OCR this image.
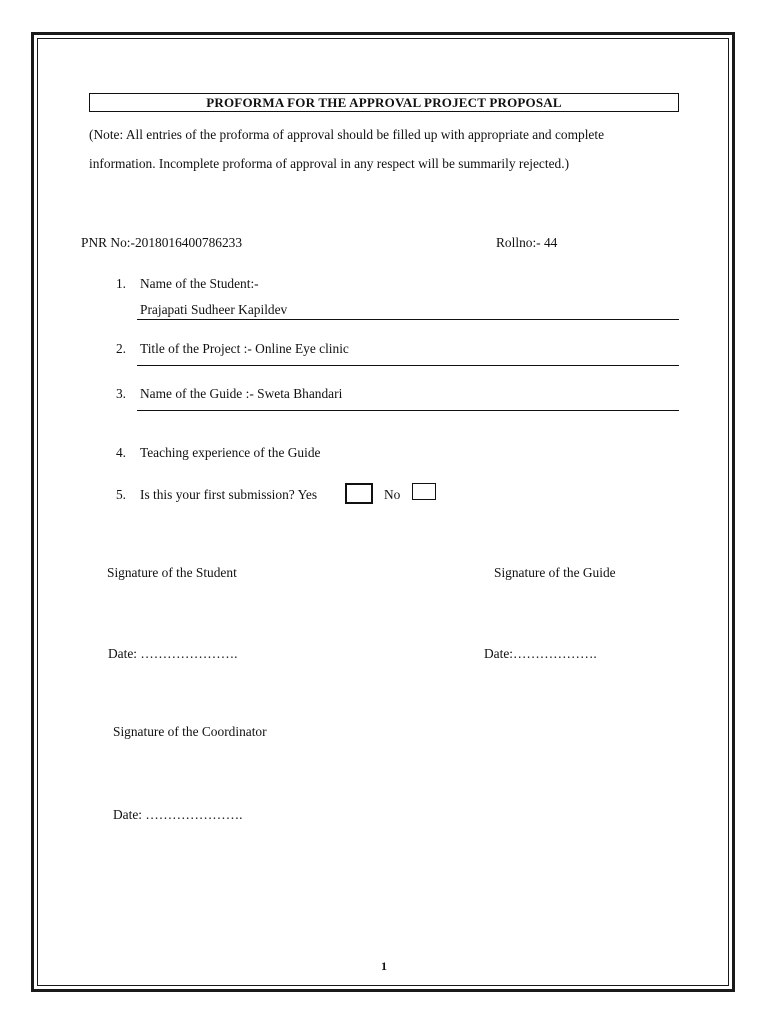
PROFORMA FOR THE APPROVAL PROJECT PROPOSAL
(Note: All entries of the proforma of approval should be filled up with appropriate and complete
information. Incomplete proforma of approval in any respect will be summarily rejected.)
PNR No:-2018016400786233	Rollno:- 44
1. Name of the Student:-
Prajapati Sudheer Kapildev
2. Title of the Project :- Online Eye clinic
3. Name of the Guide :- Sweta Bhandari
4. Teaching experience of the Guide
5. Is this your first submission? Yes	No
Signature of the Student	Signature of the Guide
Date: ………………….	Date:……………….
Signature of the Coordinator
Date: ………………….
1
